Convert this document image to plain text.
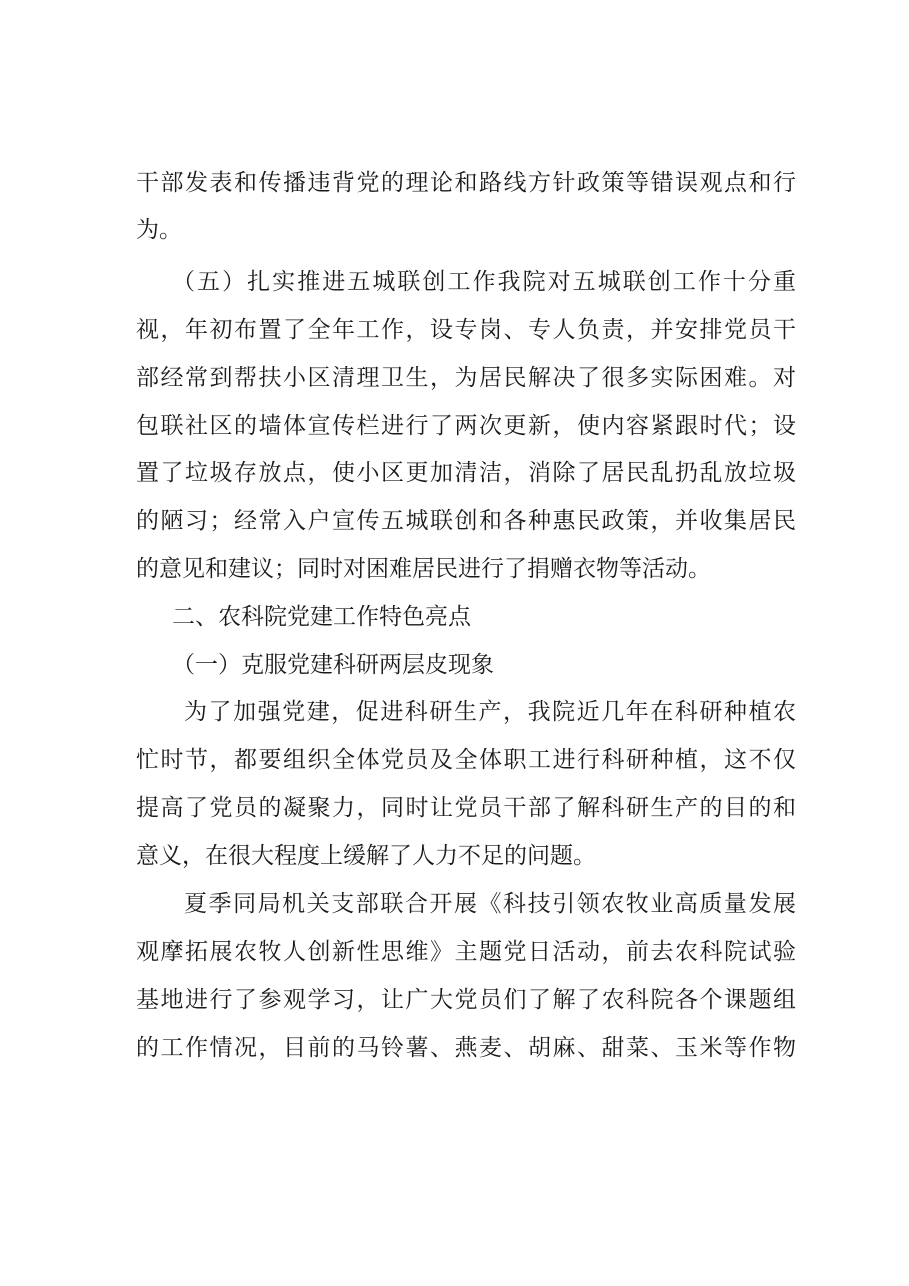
干部发表和传播违背党的理论和路线方针政策等错误观点和行
为。
（五）扎实推进五城联创工作我院对五城联创工作十分重
视，年初布置了全年工作，设专岗、专人负责，并安排党员干
部经常到帮扶小区清理卫生，为居民解决了很多实际困难。对
包联社区的墙体宣传栏进行了两次更新，使内容紧跟时代；设
置了垃圾存放点，使小区更加清洁，消除了居民乱扔乱放垃圾
的陋习；经常入户宣传五城联创和各种惠民政策，并收集居民
的意见和建议；同时对困难居民进行了捐赠衣物等活动。
二、农科院党建工作特色亮点
（一）克服党建科研两层皮现象
为了加强党建，促进科研生产，我院近几年在科研种植农
忙时节，都要组织全体党员及全体职工进行科研种植，这不仅
提高了党员的凝聚力，同时让党员干部了解科研生产的目的和
意义，在很大程度上缓解了人力不足的问题。
夏季同局机关支部联合开展《科技引领农牧业高质量发展
观摩拓展农牧人创新性思维》主题党日活动，前去农科院试验
基地进行了参观学习，让广大党员们了解了农科院各个课题组
的工作情况，目前的马铃薯、燕麦、胡麻、甜菜、玉米等作物
